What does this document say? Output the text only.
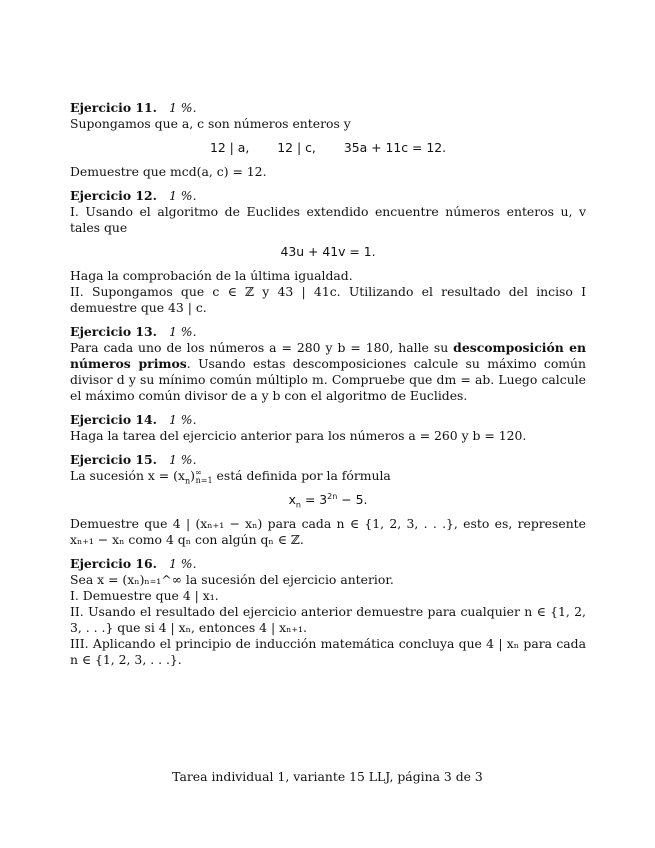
Ejercicio 11. 1 %.
Supongamos que a, c son números enteros y
12 | a, 12 | c, 35a + 11c = 12.
Demuestre que mcd(a, c) = 12.
Ejercicio 12. 1 %.
I. Usando el algoritmo de Euclides extendido encuentre números enteros u, v tales que
43u + 41v = 1.
Haga la comprobación de la última igualdad.
II. Supongamos que c ∈ ℤ y 43 | 41c. Utilizando el resultado del inciso I demuestre que 43 | c.
Ejercicio 13. 1 %.
Para cada uno de los números a = 280 y b = 180, halle su descomposición en números primos. Usando estas descomposiciones calcule su máximo común divisor d y su mínimo común múltiplo m. Compruebe que dm = ab. Luego calcule el máximo común divisor de a y b con el algoritmo de Euclides.
Ejercicio 14. 1 %.
Haga la tarea del ejercicio anterior para los números a = 260 y b = 120.
Ejercicio 15. 1 %.
La sucesión $x = (x_n)^\infty_{n=1}$ está definida por la fórmula
$x_n = 3^{2n} - 5$.
Demuestre que 4 | (xₙ₊₁ − xₙ) para cada n ∈ {1, 2, 3, . . .}, esto es, represente xₙ₊₁ − xₙ como 4 qₙ con algún qₙ ∈ ℤ.
Ejercicio 16. 1 %.
Sea x = (xₙ)ₙ₌₁^∞ la sucesión del ejercicio anterior.
I. Demuestre que 4 | x₁.
II. Usando el resultado del ejercicio anterior demuestre para cualquier n ∈ {1, 2, 3, . . .} que si 4 | xₙ, entonces 4 | xₙ₊₁.
III. Aplicando el principio de inducción matemática concluya que 4 | xₙ para cada n ∈ {1, 2, 3, . . .}.
Tarea individual 1, variante 15 LLJ, página 3 de 3
